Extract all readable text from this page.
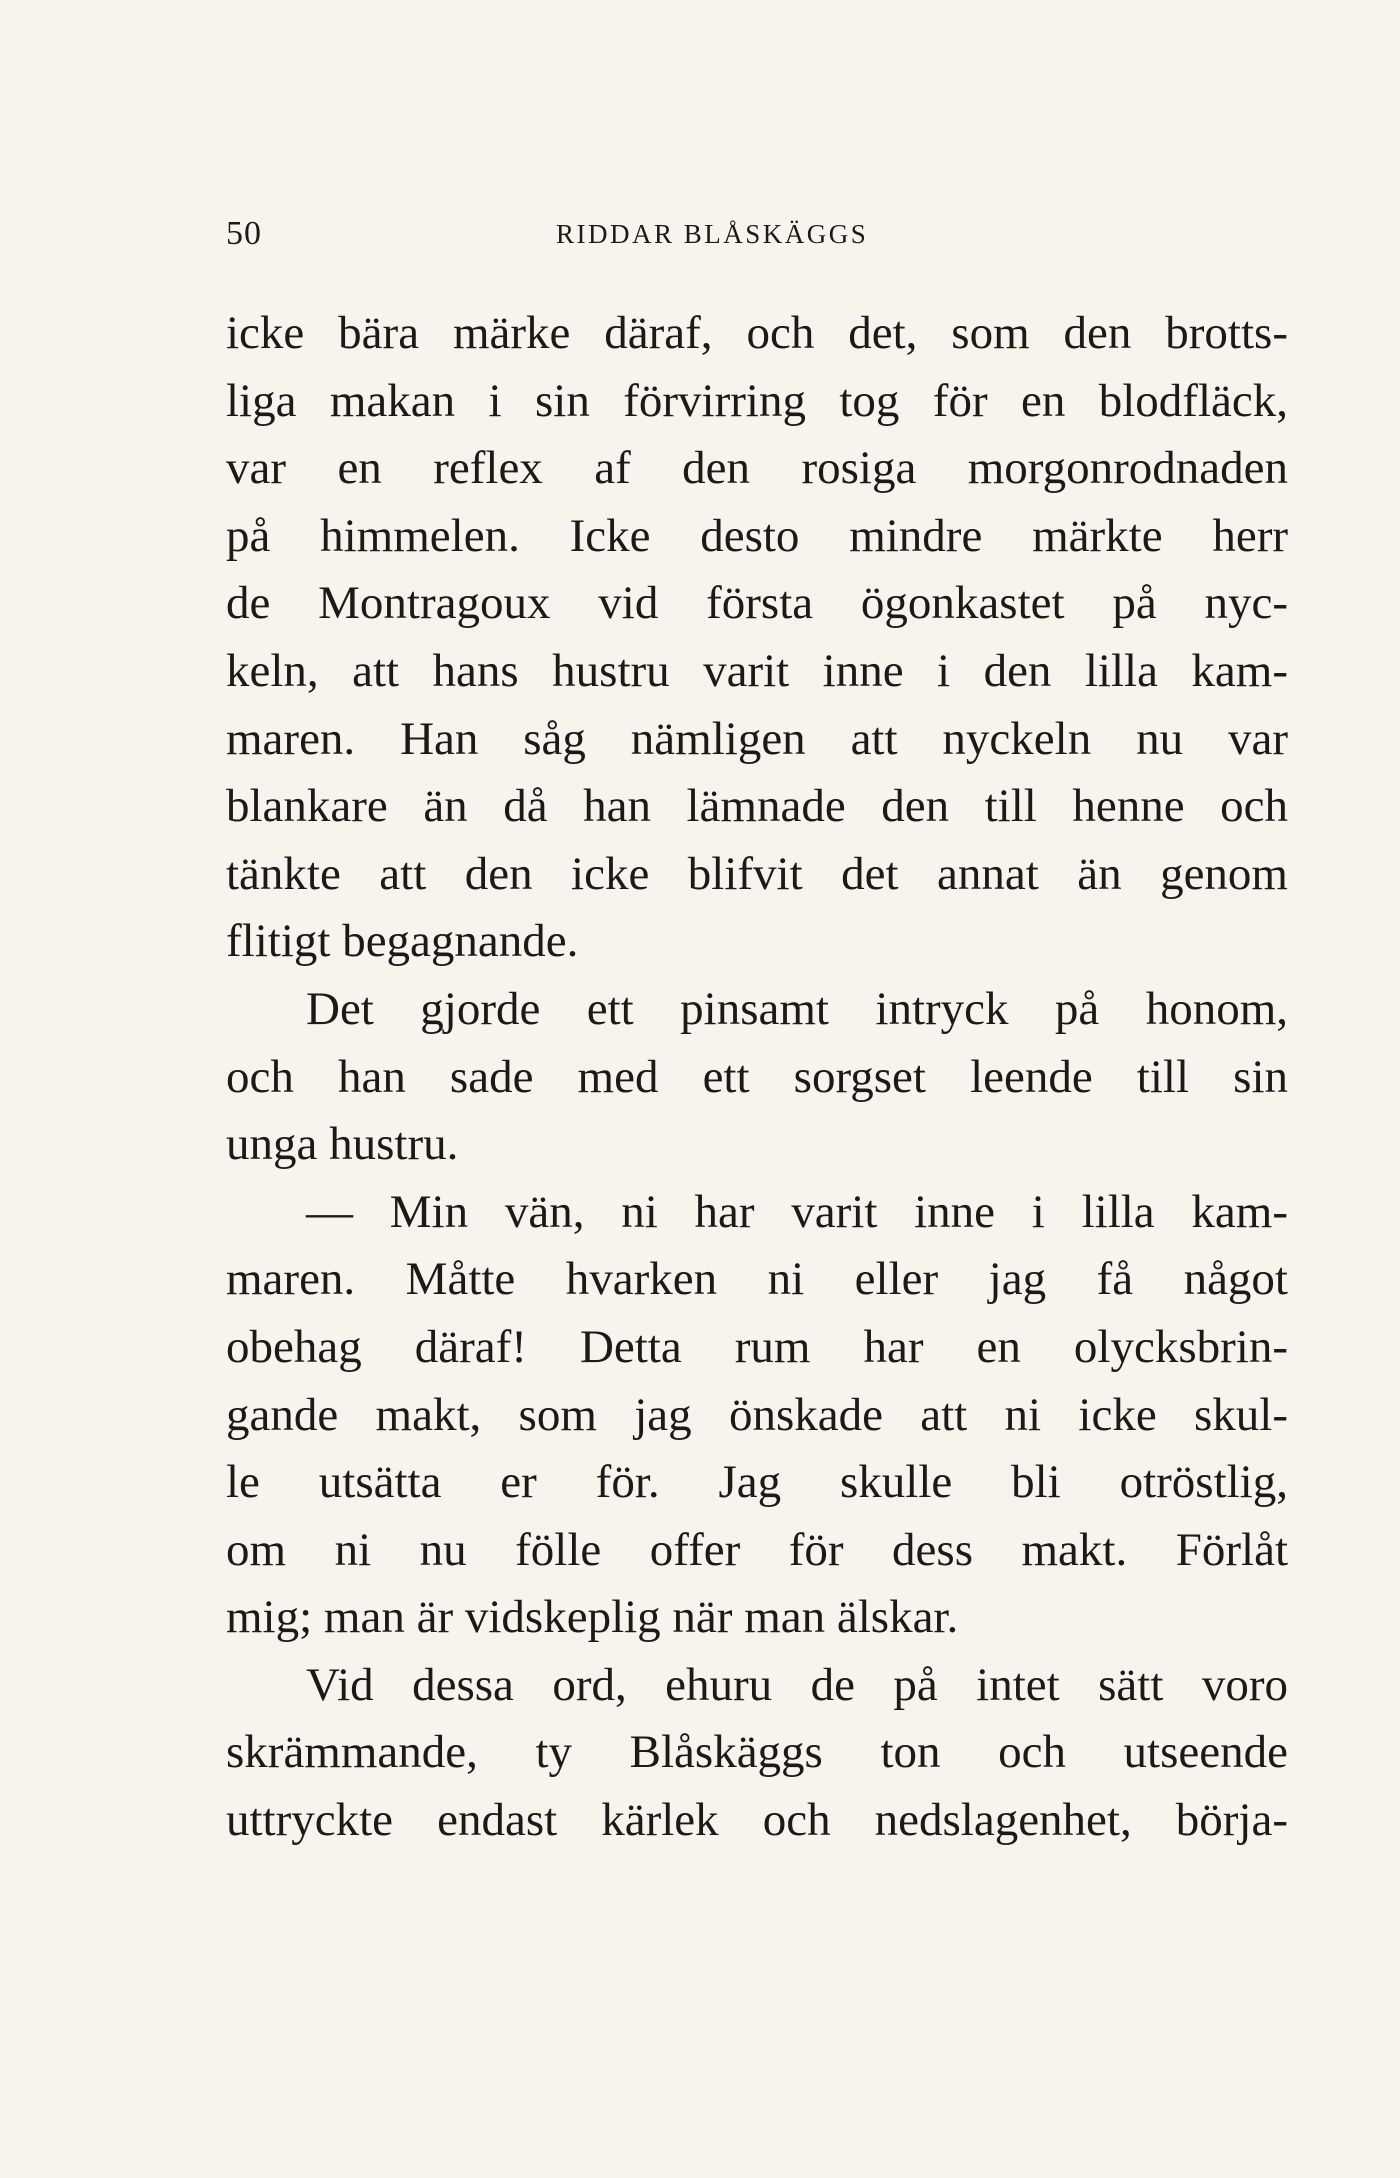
50	RIDDAR BLÅSKÄGGS
icke bära märke däraf, och det, som den brotts-
liga makan i sin förvirring tog för en blodfläck,
var en reflex af den rosiga morgonrodnaden
på himmelen. Icke desto mindre märkte herr
de Montragoux vid första ögonkastet på nyc-
keln, att hans hustru varit inne i den lilla kam-
maren. Han såg nämligen att nyckeln nu var
blankare än då han lämnade den till henne och
tänkte att den icke blifvit det annat än genom
flitigt begagnande.
Det gjorde ett pinsamt intryck på honom,
och han sade med ett sorgset leende till sin
unga hustru.
— Min vän, ni har varit inne i lilla kam-
maren. Måtte hvarken ni eller jag få något
obehag däraf! Detta rum har en olycksbrin-
gande makt, som jag önskade att ni icke skul-
le utsätta er för. Jag skulle bli otröstlig,
om ni nu fölle offer för dess makt. Förlåt
mig; man är vidskeplig när man älskar.
Vid dessa ord, ehuru de på intet sätt voro
skrämmande, ty Blåskäggs ton och utseende
uttryckte endast kärlek och nedslagenhet, börja-
